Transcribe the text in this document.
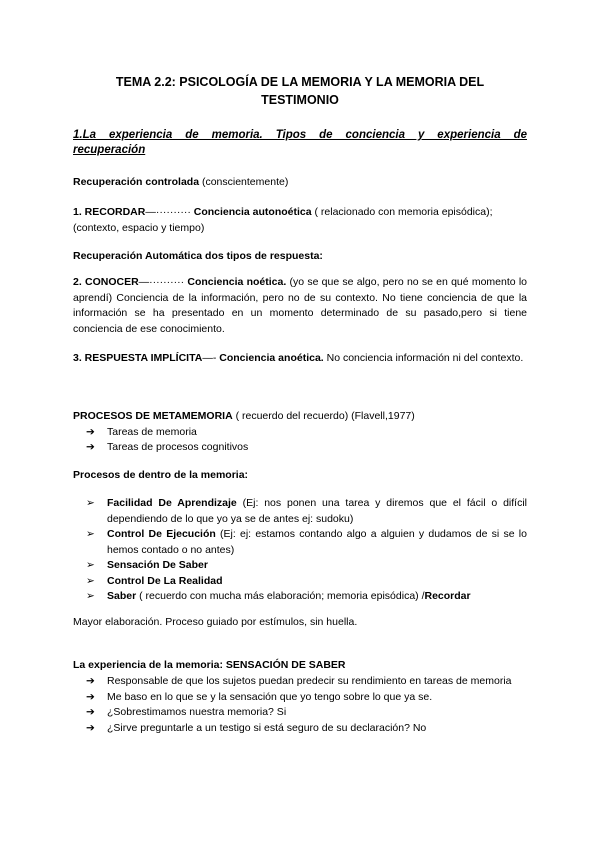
TEMA 2.2: PSICOLOGÍA DE LA MEMORIA Y LA MEMORIA DEL
TESTIMONIO
1.La experiencia de memoria. Tipos de conciencia y experiencia de
recuperación
Recuperación controlada (conscientemente)
1. RECORDAR—·········· Conciencia autonoética ( relacionado con memoria episódica); (contexto, espacio y tiempo)
Recuperación Automática dos tipos de respuesta:
2. CONOCER—·········· Conciencia noética. (yo se que se algo, pero no se en qué momento lo aprendí) Conciencia de la información, pero no de su contexto. No tiene conciencia de que la información se ha presentado en un momento determinado de su pasado,pero si tiene conciencia de ese conocimiento.
3. RESPUESTA IMPLÍCITA—- Conciencia anoética. No conciencia información ni del contexto.
PROCESOS DE METAMEMORIA ( recuerdo del recuerdo) (Flavell,1977)
➔ Tareas de memoria
➔ Tareas de procesos cognitivos
Procesos de dentro de la memoria:
➢ Facilidad De Aprendizaje (Ej: nos ponen una tarea y diremos que el fácil o difícil dependiendo de lo que yo ya se de antes ej: sudoku)
➢ Control De Ejecución (Ej: ej: estamos contando algo a alguien y dudamos de si se lo hemos contado o no antes)
➢ Sensación De Saber
➢ Control De La Realidad
➢ Saber ( recuerdo con mucha más elaboración; memoria episódica) /Recordar
Mayor elaboración. Proceso guiado por estímulos, sin huella.
La experiencia de la memoria: SENSACIÓN DE SABER
➔ Responsable de que los sujetos puedan predecir su rendimiento en tareas de memoria
➔ Me baso en lo que se y la sensación que yo tengo sobre lo que ya se.
➔ ¿Sobrestimamos nuestra memoria? Si
➔ ¿Sirve preguntarle a un testigo si está seguro de su declaración? No
